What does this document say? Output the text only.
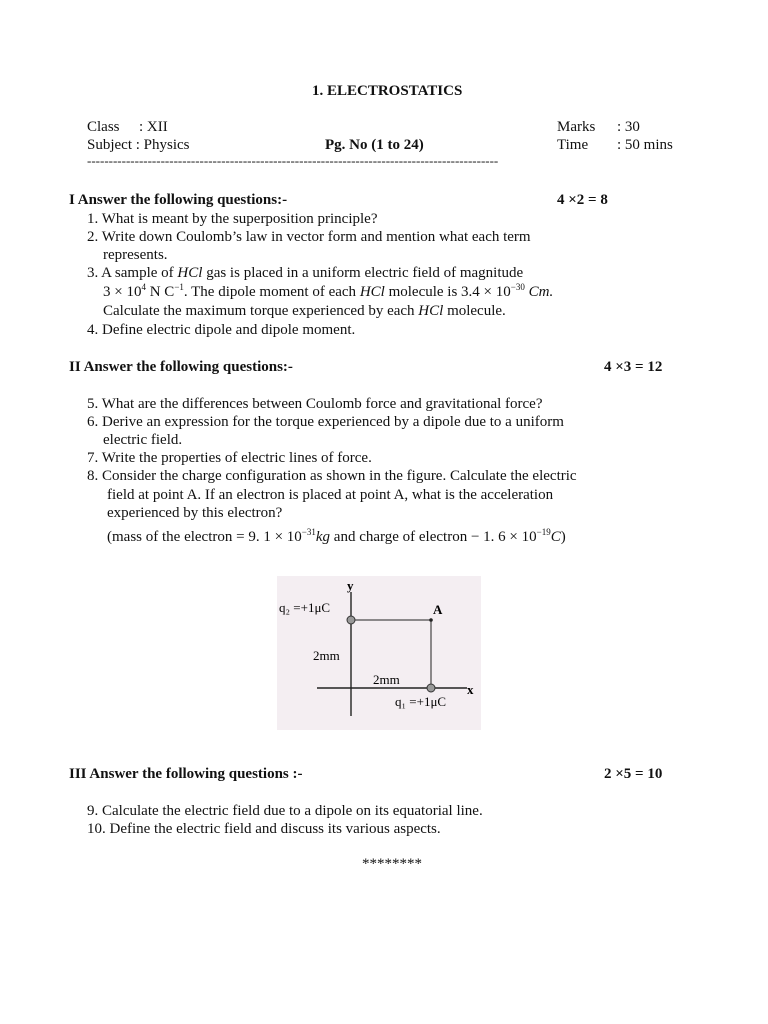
1. ELECTROSTATICS
Class : XII
Subject : Physics	Pg. No (1 to 24)
Marks : 30
Time : 50 mins
-----------------------------------------------------------------------------------------------
I Answer the following questions:-	4 ×2 = 8
1. What is meant by the superposition principle?
2. Write down Coulomb’s law in vector form and mention what each term
represents.
3. A sample of HCl gas is placed in a uniform electric field of magnitude
$3 \times 10^4$ N $C^{-1}$. The dipole moment of each HCl molecule is $3.4 \times 10^{-30}$ Cm.
Calculate the maximum torque experienced by each HCl molecule.
4. Define electric dipole and dipole moment.
II Answer the following questions:-	4 ×3 = 12
5. What are the differences between Coulomb force and gravitational force?
6. Derive an expression for the torque experienced by a dipole due to a uniform
electric field.
7. Write the properties of electric lines of force.
8. Consider the charge configuration as shown in the figure. Calculate the electric
field at point A. If an electron is placed at point A, what is the acceleration
experienced by this electron?
(mass of the electron = 9. $1 \times 10^{-31}kg$ and charge of electron − 1. $6 \times 10^{-19}C$)
y
x
q₂ =+1μC	A
2mm
2mm
q₁ =+1μC
III Answer the following questions :-	2 ×5 = 10
9. Calculate the electric field due to a dipole on its equatorial line.
10. Define the electric field and discuss its various aspects.
********
